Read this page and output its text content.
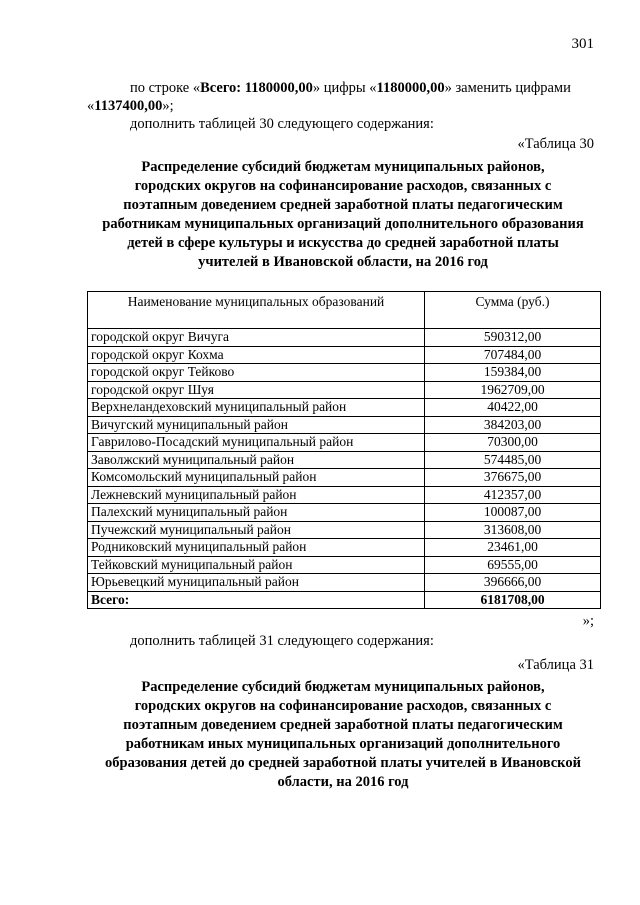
301
по строке «Всего: 1180000,00» цифры «1180000,00» заменить цифрами
«1137400,00»;
дополнить таблицей 30 следующего содержания:
«Таблица 30
Распределение субсидий бюджетам муниципальных районов,
городских округов на софинансирование расходов, связанных с
поэтапным доведением средней заработной платы педагогическим
работникам муниципальных организаций дополнительного образования
детей в сфере культуры и искусства до средней заработной платы
учителей в Ивановской области, на 2016 год
Наименование муниципальных образований	Сумма (руб.)
городской округ Вичуга	590312,00
городской округ Кохма	707484,00
городской округ Тейково	159384,00
городской округ Шуя	1962709,00
Верхнеландеховский муниципальный район	40422,00
Вичугский муниципальный район	384203,00
Гаврилово-Посадский муниципальный район	70300,00
Заволжский муниципальный район	574485,00
Комсомольский муниципальный район	376675,00
Лежневский муниципальный район	412357,00
Палехский муниципальный район	100087,00
Пучежский муниципальный район	313608,00
Родниковский муниципальный район	23461,00
Тейковский муниципальный район	69555,00
Юрьевецкий муниципальный район	396666,00
Всего:	6181708,00
»;
дополнить таблицей 31 следующего содержания:
«Таблица 31
Распределение субсидий бюджетам муниципальных районов,
городских округов на софинансирование расходов, связанных с
поэтапным доведением средней заработной платы педагогическим
работникам иных муниципальных организаций дополнительного
образования детей до средней заработной платы учителей в Ивановской
области, на 2016 год
